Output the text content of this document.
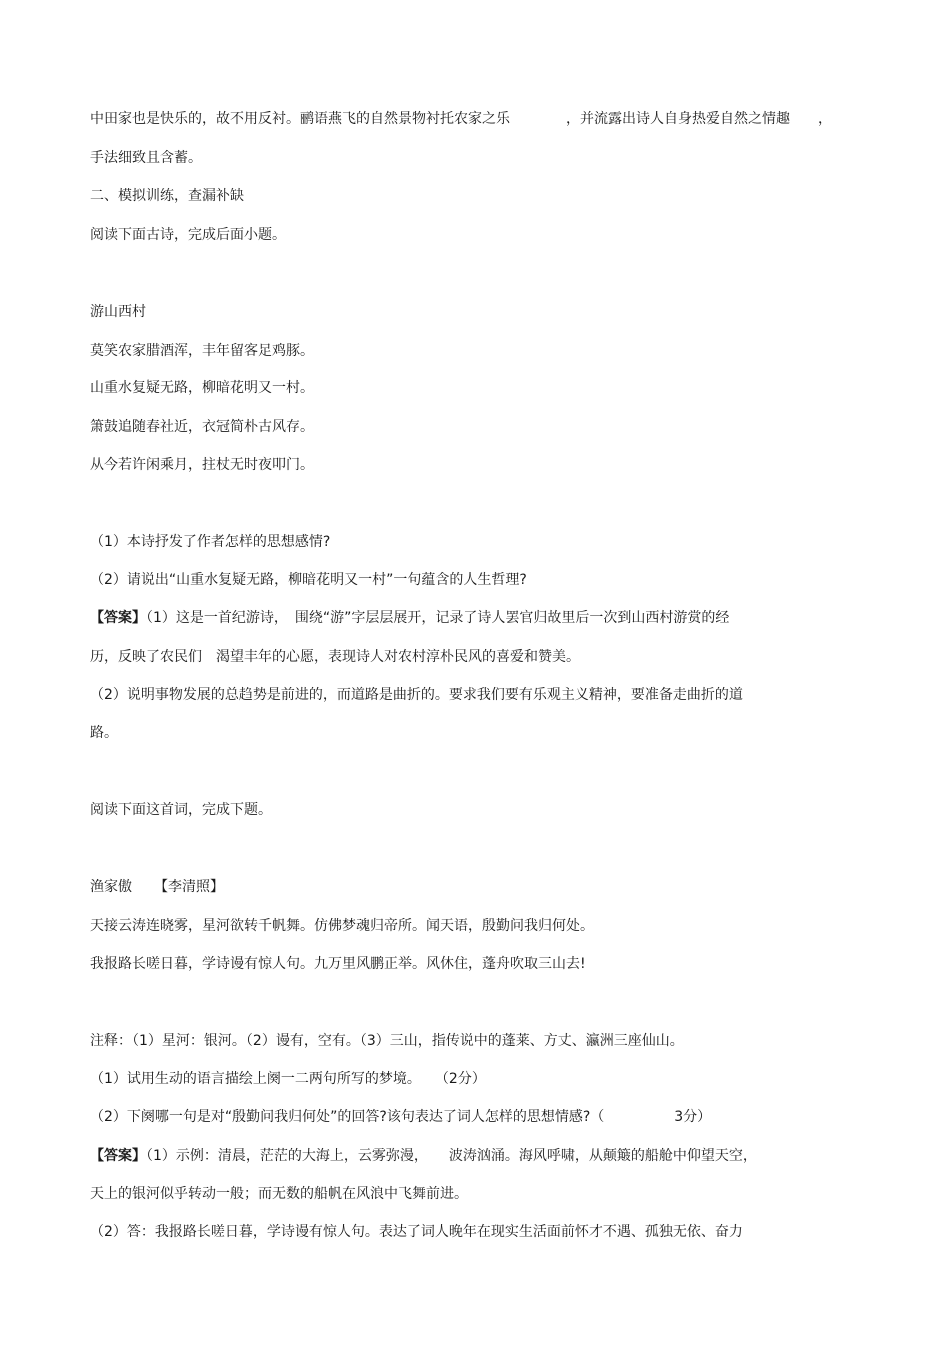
中田家也是快乐的，故不用反衬。鹂语燕飞的自然景物衬托农家之乐　　　　，并流露出诗人自身热爱自然之情趣　　，

手法细致且含蓄。

二、模拟训练，查漏补缺

阅读下面古诗，完成后面小题。

游山西村

莫笑农家腊酒浑，丰年留客足鸡豚。

山重水复疑无路，柳暗花明又一村。

箫鼓追随春社近，衣冠简朴古风存。

从今若许闲乘月，拄杖无时夜叩门。

（1）本诗抒发了作者怎样的思想感情?

（2）请说出“山重水复疑无路，柳暗花明又一村”一句蕴含的人生哲理?

【答案】（1）这是一首纪游诗，　围绕“游”字层层展开，记录了诗人罢官归故里后一次到山西村游赏的经

历，反映了农民们　渴望丰年的心愿，表现诗人对农村淳朴民风的喜爱和赞美。

（2）说明事物发展的总趋势是前进的，而道路是曲折的。要求我们要有乐观主义精神，要准备走曲折的道

路。

阅读下面这首词，完成下题。

渔家傲 【李清照】

天接云涛连晓雾，星河欲转千帆舞。仿佛梦魂归帝所。闻天语，殷勤问我归何处。

我报路长嗟日暮，学诗谩有惊人句。九万里风鹏正举。风休住，蓬舟吹取三山去!

注释：（1）星河：银河。（2）谩有，空有。（3）三山，指传说中的蓬莱、方丈、瀛洲三座仙山。

（1）试用生动的语言描绘上阕一二两句所写的梦境。　　（2分）

（2）下阕哪一句是对“殷勤问我归何处”的回答?该句表达了词人怎样的思想情感?（　　　　　3分）

【答案】（1）示例：清晨，茫茫的大海上，云雾弥漫，　　波涛汹涌。海风呼啸，从颠簸的船舱中仰望天空，

天上的银河似乎转动一般；而无数的船帆在风浪中飞舞前进。

（2）答：我报路长嗟日暮，学诗谩有惊人句。表达了词人晚年在现实生活面前怀才不遇、孤独无依、奋力
